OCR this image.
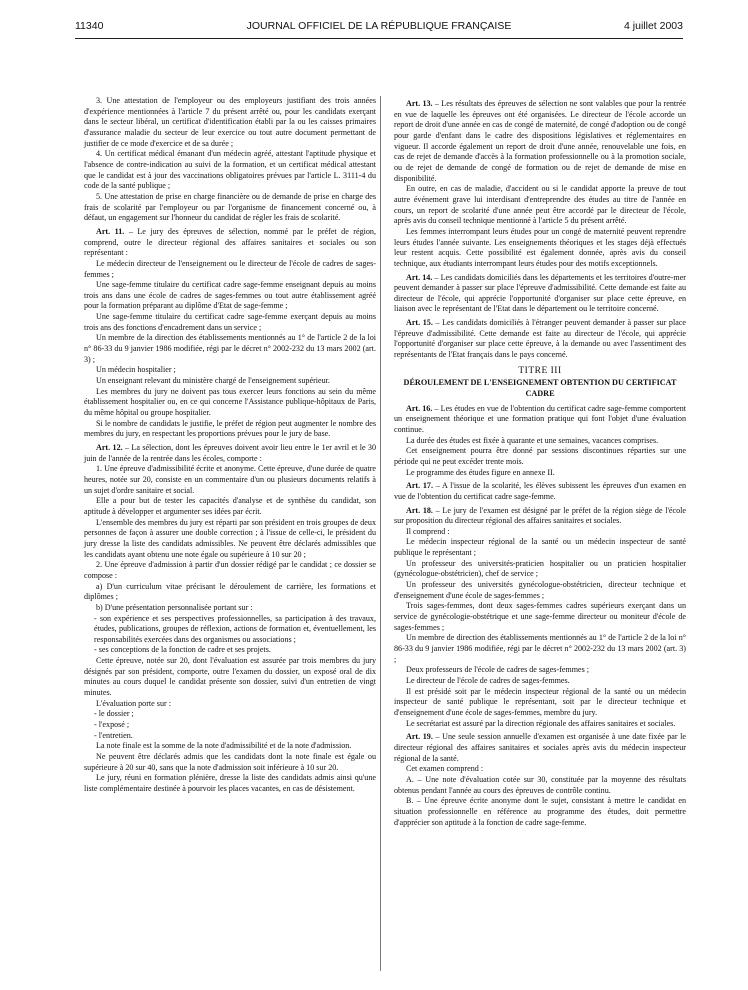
11340	JOURNAL OFFICIEL DE LA RÉPUBLIQUE FRANÇAISE	4 juillet 2003

3. Une attestation de l'employeur ou des employeurs justifiant des trois années d'expérience mentionnées à l'article 7 du présent arrêté ou, pour les candidats exerçant dans le secteur libéral, un certificat d'identification établi par la ou les caisses primaires d'assurance maladie du secteur de leur exercice ou tout autre document permettant de justifier de ce mode d'exercice et de sa durée ;

4. Un certificat médical émanant d'un médecin agréé, attestant l'aptitude physique et l'absence de contre-indication au suivi de la formation, et un certificat médical attestant que le candidat est à jour des vaccinations obligatoires prévues par l'article L. 3111-4 du code de la santé publique ;

5. Une attestation de prise en charge financière ou de demande de prise en charge des frais de scolarité par l'employeur ou par l'organisme de financement concerné ou, à défaut, un engagement sur l'honneur du candidat de régler les frais de scolarité.

Art. 11. – Le jury des épreuves de sélection, nommé par le préfet de région, comprend, outre le directeur régional des affaires sanitaires et sociales ou son représentant :

Le médecin directeur de l'enseignement ou le directeur de l'école de cadres de sages-femmes ;

Une sage-femme titulaire du certificat cadre sage-femme enseignant depuis au moins trois ans dans une école de cadres de sages-femmes ou tout autre établissement agréé pour la formation préparant au diplôme d'Etat de sage-femme ;

Une sage-femme titulaire du certificat cadre sage-femme exerçant depuis au moins trois ans des fonctions d'encadrement dans un service ;

Un membre de la direction des établissements mentionnés au 1° de l'article 2 de la loi n° 86-33 du 9 janvier 1986 modifiée, régi par le décret n° 2002-232 du 13 mars 2002 (art. 3) ;

Un médecin hospitalier ;

Un enseignant relevant du ministère chargé de l'enseignement supérieur.

Les membres du jury ne doivent pas tous exercer leurs fonctions au sein du même établissement hospitalier ou, en ce qui concerne l'Assistance publique-hôpitaux de Paris, du même hôpital ou groupe hospitalier.

Si le nombre de candidats le justifie, le préfet de région peut augmenter le nombre des membres du jury, en respectant les proportions prévues pour le jury de base.

Art. 12. – La sélection, dont les épreuves doivent avoir lieu entre le 1er avril et le 30 juin de l'année de la rentrée dans les écoles, comporte :

1. Une épreuve d'admissibilité écrite et anonyme. Cette épreuve, d'une durée de quatre heures, notée sur 20, consiste en un commentaire d'un ou plusieurs documents relatifs à un sujet d'ordre sanitaire et social.

Elle a pour but de tester les capacités d'analyse et de synthèse du candidat, son aptitude à développer et argumenter ses idées par écrit.

L'ensemble des membres du jury est réparti par son président en trois groupes de deux personnes de façon à assurer une double correction ; à l'issue de celle-ci, le président du jury dresse la liste des candidats admissibles. Ne peuvent être déclarés admissibles que les candidats ayant obtenu une note égale ou supérieure à 10 sur 20 ;

2. Une épreuve d'admission à partir d'un dossier rédigé par le candidat ; ce dossier se compose :

a) D'un curriculum vitae précisant le déroulement de carrière, les formations et diplômes ;

b) D'une présentation personnalisée portant sur :

- son expérience et ses perspectives professionnelles, sa participation à des travaux, études, publications, groupes de réflexion, actions de formation et, éventuellement, les responsabilités exercées dans des organismes ou associations ;

- ses conceptions de la fonction de cadre et ses projets.

Cette épreuve, notée sur 20, dont l'évaluation est assurée par trois membres du jury désignés par son président, comporte, outre l'examen du dossier, un exposé oral de dix minutes au cours duquel le candidat présente son dossier, suivi d'un entretien de vingt minutes.

L'évaluation porte sur :

- le dossier ;

- l'exposé ;

- l'entretien.

La note finale est la somme de la note d'admissibilité et de la note d'admission.

Ne peuvent être déclarés admis que les candidats dont la note finale est égale ou supérieure à 20 sur 40, sans que la note d'admission soit inférieure à 10 sur 20.

Le jury, réuni en formation plénière, dresse la liste des candidats admis ainsi qu'une liste complémentaire destinée à pourvoir les places vacantes, en cas de désistement.

Art. 13. – Les résultats des épreuves de sélection ne sont valables que pour la rentrée en vue de laquelle les épreuves ont été organisées. Le directeur de l'école accorde un report de droit d'une année en cas de congé de maternité, de congé d'adoption ou de congé pour garde d'enfant dans le cadre des dispositions législatives et réglementaires en vigueur. Il accorde également un report de droit d'une année, renouvelable une fois, en cas de rejet de demande d'accès à la formation professionnelle ou à la promotion sociale, ou de rejet de demande de congé de formation ou de rejet de demande de mise en disponibilité.

En outre, en cas de maladie, d'accident ou si le candidat apporte la preuve de tout autre événement grave lui interdisant d'entreprendre des études au titre de l'année en cours, un report de scolarité d'une année peut être accordé par le directeur de l'école, après avis du conseil technique mentionné à l'article 5 du présent arrêté.

Les femmes interrompant leurs études pour un congé de maternité peuvent reprendre leurs études l'année suivante. Les enseignements théoriques et les stages déjà effectués leur restent acquis. Cette possibilité est également donnée, après avis du conseil technique, aux étudiants interrompant leurs études pour des motifs exceptionnels.

Art. 14. – Les candidats domiciliés dans les départements et les territoires d'outre-mer peuvent demander à passer sur place l'épreuve d'admissibilité. Cette demande est faite au directeur de l'école, qui apprécie l'opportunité d'organiser sur place cette épreuve, en liaison avec le représentant de l'Etat dans le département ou le territoire concerné.

Art. 15. – Les candidats domiciliés à l'étranger peuvent demander à passer sur place l'épreuve d'admissibilité. Cette demande est faite au directeur de l'école, qui apprécie l'opportunité d'organiser sur place cette épreuve, à la demande ou avec l'assentiment des représentants de l'Etat français dans le pays concerné.

TITRE III
DÉROULEMENT DE L'ENSEIGNEMENT OBTENTION DU CERTIFICAT CADRE

Art. 16. – Les études en vue de l'obtention du certificat cadre sage-femme comportent un enseignement théorique et une formation pratique qui font l'objet d'une évaluation continue.

La durée des études est fixée à quarante et une semaines, vacances comprises.

Cet enseignement pourra être donné par sessions discontinues réparties sur une période qui ne peut excéder trente mois.

Le programme des études figure en annexe II.

Art. 17. – A l'issue de la scolarité, les élèves subissent les épreuves d'un examen en vue de l'obtention du certificat cadre sage-femme.

Art. 18. – Le jury de l'examen est désigné par le préfet de la région siège de l'école sur proposition du directeur régional des affaires sanitaires et sociales.

Il comprend :

Le médecin inspecteur régional de la santé ou un médecin inspecteur de santé publique le représentant ;

Un professeur des universités-praticien hospitalier ou un praticien hospitalier (gynécologue-obstétricien), chef de service ;

Un professeur des universités gynécologue-obstétricien, directeur technique et d'enseignement d'une école de sages-femmes ;

Trois sages-femmes, dont deux sages-femmes cadres supérieurs exerçant dans un service de gynécologie-obstétrique et une sage-femme directeur ou moniteur d'école de sages-femmes ;

Un membre de direction des établissements mentionnés au 1° de l'article 2 de la loi n° 86-33 du 9 janvier 1986 modifiée, régi par le décret n° 2002-232 du 13 mars 2002 (art. 3) ;

Deux professeurs de l'école de cadres de sages-femmes ;

Le directeur de l'école de cadres de sages-femmes.

Il est présidé soit par le médecin inspecteur régional de la santé ou un médecin inspecteur de santé publique le représentant, soit par le directeur technique et d'enseignement d'une école de sages-femmes, membre du jury.

Le secrétariat est assuré par la direction régionale des affaires sanitaires et sociales.

Art. 19. – Une seule session annuelle d'examen est organisée à une date fixée par le directeur régional des affaires sanitaires et sociales après avis du médecin inspecteur régional de la santé.

Cet examen comprend :

A. – Une note d'évaluation cotée sur 30, constituée par la moyenne des résultats obtenus pendant l'année au cours des épreuves de contrôle continu.

B. – Une épreuve écrite anonyme dont le sujet, consistant à mettre le candidat en situation professionnelle en référence au programme des études, doit permettre d'apprécier son aptitude à la fonction de cadre sage-femme.
